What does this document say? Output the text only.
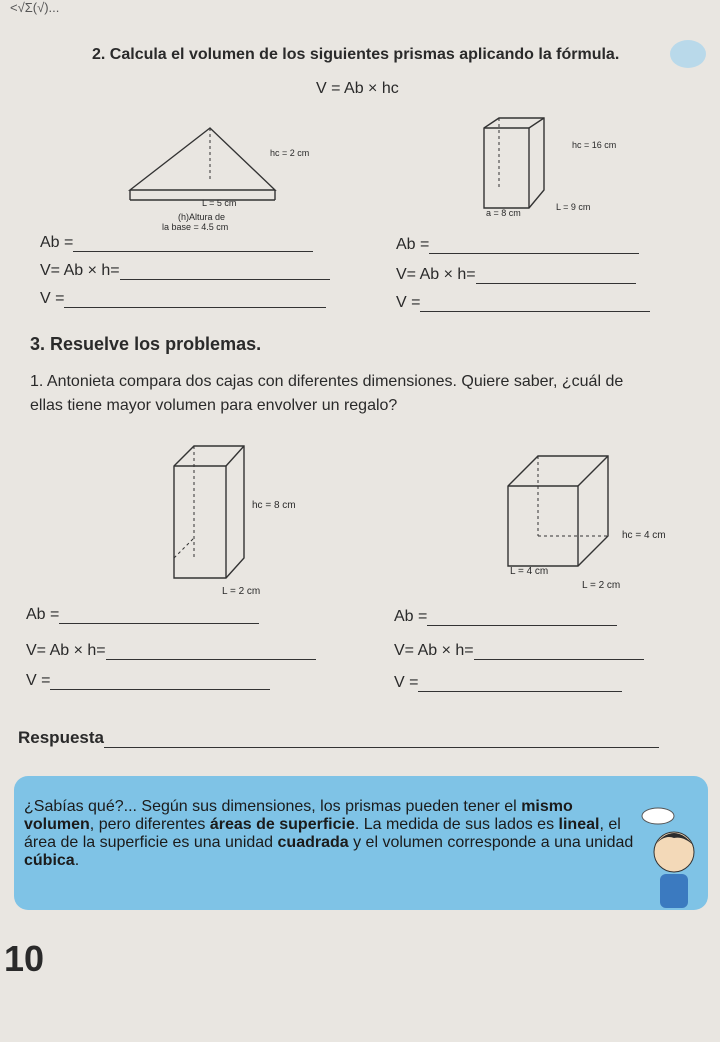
<√Σ(√)...
2. Calcula el volumen de los siguientes prismas aplicando la fórmula.
V = Ab × hc
hc = 2 cm
L = 5 cm
(h)Altura de
la base = 4.5 cm
hc = 16 cm
a = 8 cm
L = 9 cm
Ab =
V= Ab × h=
V =
Ab =
V= Ab × h=
V =
3. Resuelve los problemas.
1. Antonieta compara dos cajas con diferentes dimensiones. Quiere saber, ¿cuál de ellas tiene mayor volumen para envolver un regalo?
hc = 8 cm
L = 2 cm
hc = 4 cm
L = 4 cm
L = 2 cm
Ab =
V= Ab × h=
V =
Ab =
V= Ab × h=
V =
Respuesta
¿Sabías qué?... Según sus dimensiones, los prismas pueden tener el mismo volumen, pero diferentes áreas de superficie. La medida de sus lados es lineal, el área de la superficie es una unidad cuadrada y el volumen corresponde a una unidad cúbica.
10
